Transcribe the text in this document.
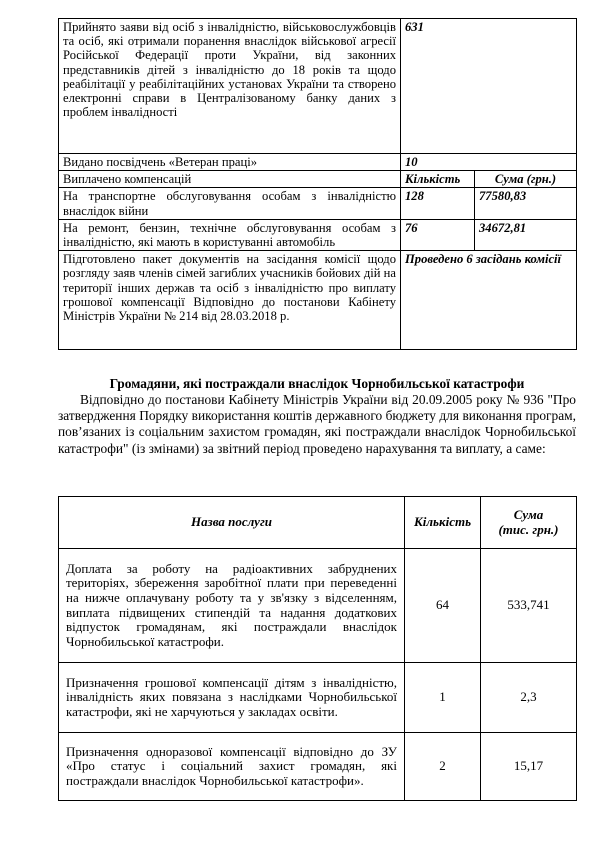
Прийнято заяви від осіб з інвалідністю, військовослужбовців та осіб, які отримали поранення внаслідок військової агресії Російської Федерації проти України, від законних представників дітей з інвалідністю до 18 років та щодо реабілітації у реабілітаційних установах України та створено електронні справи в Централізованому банку даних з проблем інвалідності	631	
Видано посвідчень «Ветеран праці»	10	
Виплачено компенсацій	Кількість	Сума (грн.)
На транспортне обслуговування особам з інвалідністю внаслідок війни	128	77580,83
На ремонт, бензин, технічне обслуговування особам з інвалідністю, які мають в користуванні автомобіль	76	34672,81
Підготовлено пакет документів на засідання комісії щодо розгляду заяв членів сімей загиблих учасників бойових дій на території інших держав та осіб з інвалідністю про виплату грошової компенсації Відповідно до постанови Кабінету Міністрів України № 214 від 28.03.2018 р.	Проведено 6 засідань комісії	
Громадяни, які постраждали внаслідок Чорнобильської катастрофи

Відповідно до постанови Кабінету Міністрів України від 20.09.2005 року № 936 "Про затвердження Порядку використання коштів державного бюджету для виконання програм, пов’язаних із соціальним захистом громадян, які постраждали внаслідок Чорнобильської катастрофи" (із змінами) за звітний період проведено нарахування та виплату, а саме:

Назва послуги	Кількість	Сума
(тис. грн.)
Доплата за роботу на радіоактивних забруднених територіях, збереження заробітної плати при переведенні на нижче оплачувану роботу та у зв'язку з відселенням, виплата підвищених стипендій та надання додаткових відпусток громадянам, які постраждали внаслідок Чорнобильської катастрофи.	64	533,741
Призначення грошової компенсації дітям з інвалідністю, інвалідність яких повязана з наслідками Чорнобильської катастрофи, які не харчуються у закладах освіти.	1	2,3
Призначення одноразової компенсації відповідно до ЗУ «Про статус і соціальний захист громадян, які постраждали внаслідок Чорнобильської катастрофи».	2	15,17
